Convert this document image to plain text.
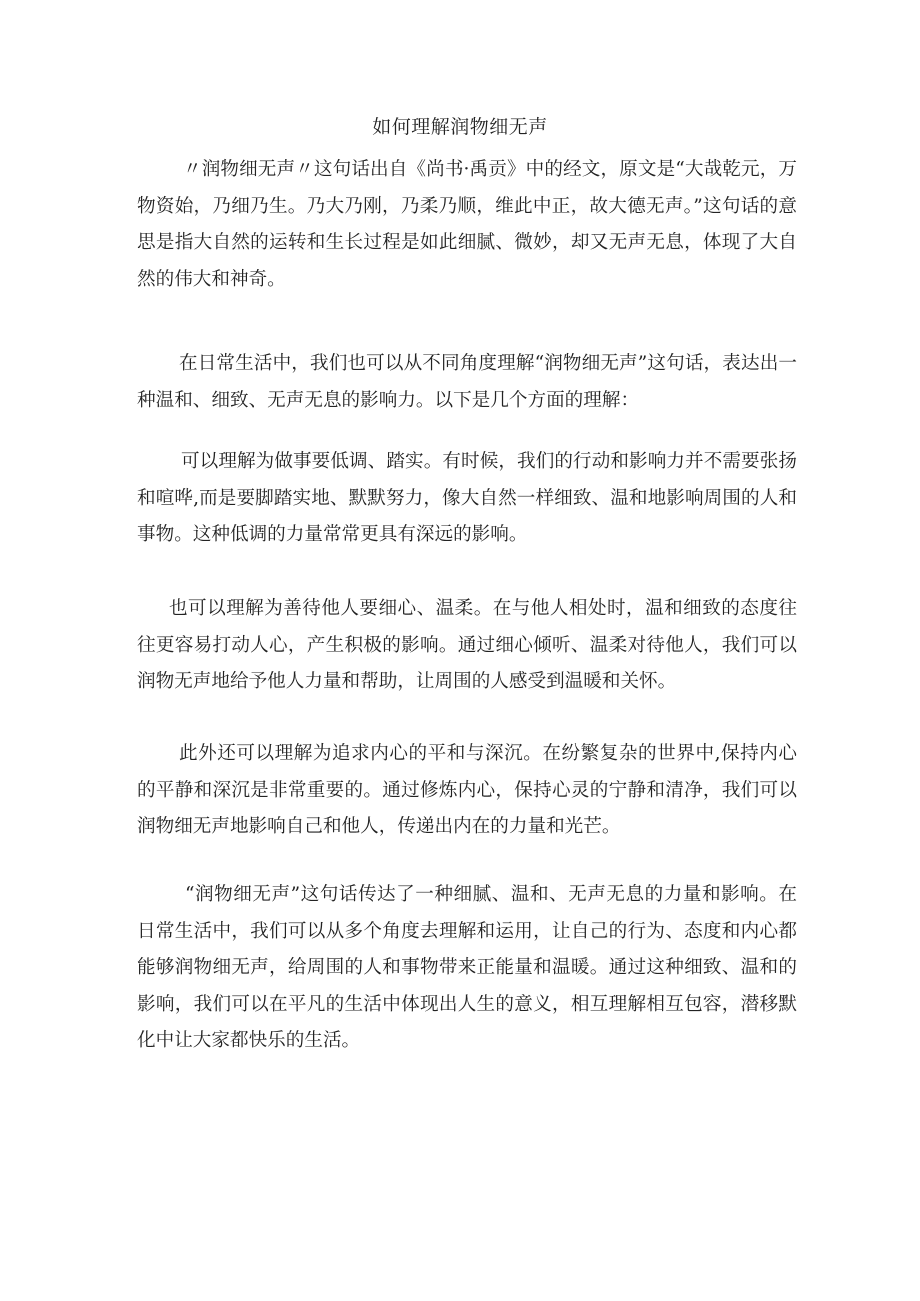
如何理解润物细无声

〃润物细无声〃这句话出自《尚书·禹贡》中的经文，原文是“大哉乾元，万物资始，乃细乃生。乃大乃刚，乃柔乃顺，维此中正，故大德无声。”这句话的意思是指大自然的运转和生长过程是如此细腻、微妙，却又无声无息，体现了大自然的伟大和神奇。

在日常生活中，我们也可以从不同角度理解“润物细无声”这句话，表达出一种温和、细致、无声无息的影响力。以下是几个方面的理解：

可以理解为做事要低调、踏实。有时候，我们的行动和影响力并不需要张扬和喧哗,而是要脚踏实地、默默努力，像大自然一样细致、温和地影响周围的人和事物。这种低调的力量常常更具有深远的影响。

也可以理解为善待他人要细心、温柔。在与他人相处时，温和细致的态度往往更容易打动人心，产生积极的影响。通过细心倾听、温柔对待他人，我们可以润物无声地给予他人力量和帮助，让周围的人感受到温暖和关怀。

此外还可以理解为追求内心的平和与深沉。在纷繁复杂的世界中,保持内心的平静和深沉是非常重要的。通过修炼内心，保持心灵的宁静和清净，我们可以润物细无声地影响自己和他人，传递出内在的力量和光芒。

“润物细无声”这句话传达了一种细腻、温和、无声无息的力量和影响。在日常生活中，我们可以从多个角度去理解和运用，让自己的行为、态度和内心都能够润物细无声，给周围的人和事物带来正能量和温暖。通过这种细致、温和的影响，我们可以在平凡的生活中体现出人生的意义，相互理解相互包容，潜移默化中让大家都快乐的生活。
